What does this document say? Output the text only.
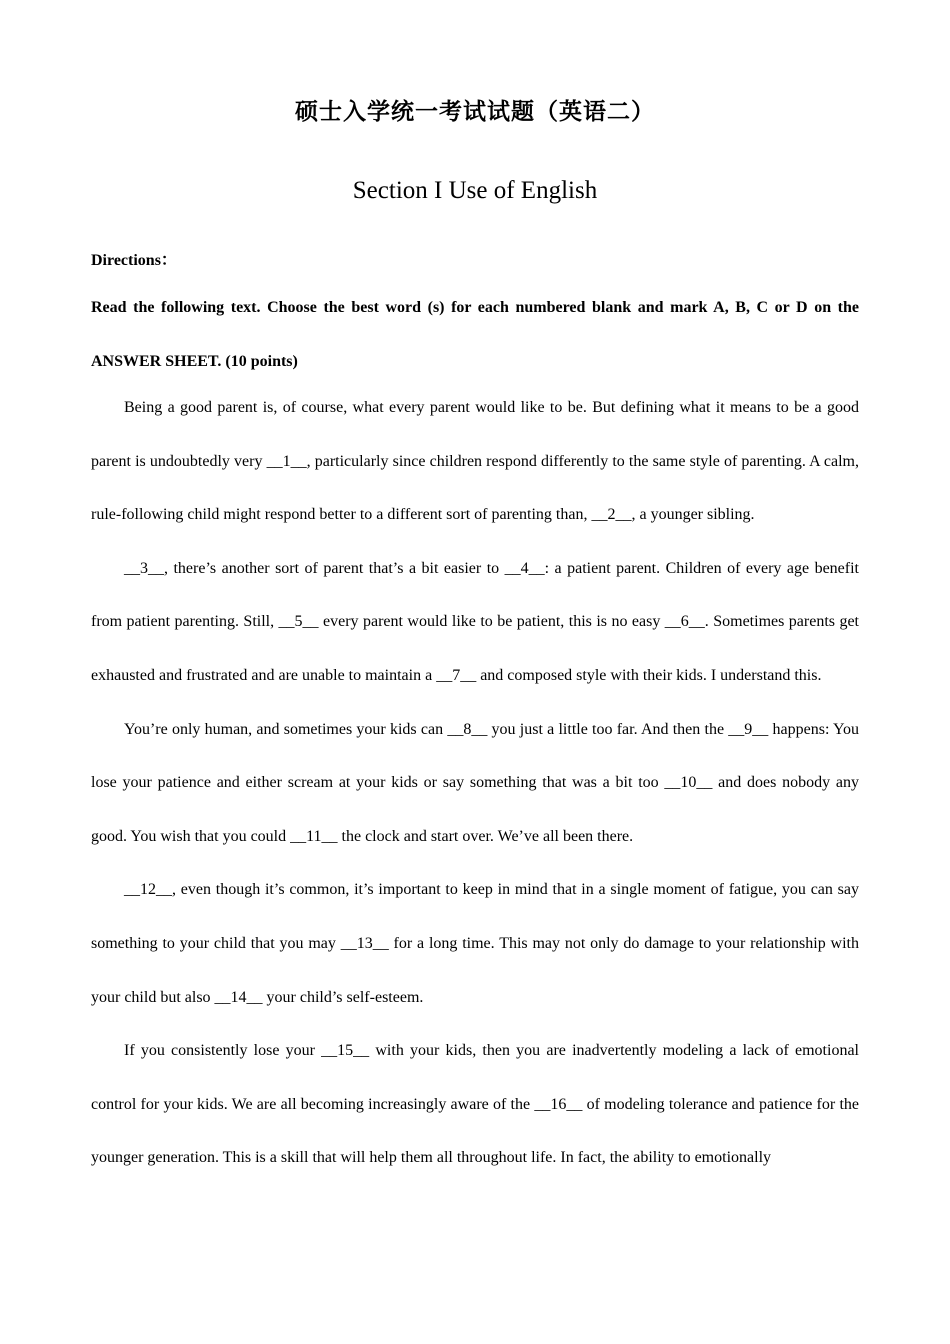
硕士入学统一考试试题（英语二）
Section I Use of English
Directions：

Read the following text. Choose the best word (s) for each numbered blank and mark A, B, C or D on the ANSWER SHEET. (10 points)

Being a good parent is, of course, what every parent would like to be. But defining what it means to be a good parent is undoubtedly very __1__, particularly since children respond differently to the same style of parenting. A calm, rule-following child might respond better to a different sort of parenting than, __2__, a younger sibling.

__3__, there’s another sort of parent that’s a bit easier to __4__: a patient parent. Children of every age benefit from patient parenting. Still, __5__ every parent would like to be patient, this is no easy __6__. Sometimes parents get exhausted and frustrated and are unable to maintain a __7__ and composed style with their kids. I understand this.

You’re only human, and sometimes your kids can __8__ you just a little too far. And then the __9__ happens: You lose your patience and either scream at your kids or say something that was a bit too __10__ and does nobody any good. You wish that you could __11__ the clock and start over. We’ve all been there.

__12__, even though it’s common, it’s important to keep in mind that in a single moment of fatigue, you can say something to your child that you may __13__ for a long time. This may not only do damage to your relationship with your child but also __14__ your child’s self-esteem.

If you consistently lose your __15__ with your kids, then you are inadvertently modeling a lack of emotional control for your kids. We are all becoming increasingly aware of the __16__ of modeling tolerance and patience for the younger generation. This is a skill that will help them all throughout life. In fact, the ability to emotionally
